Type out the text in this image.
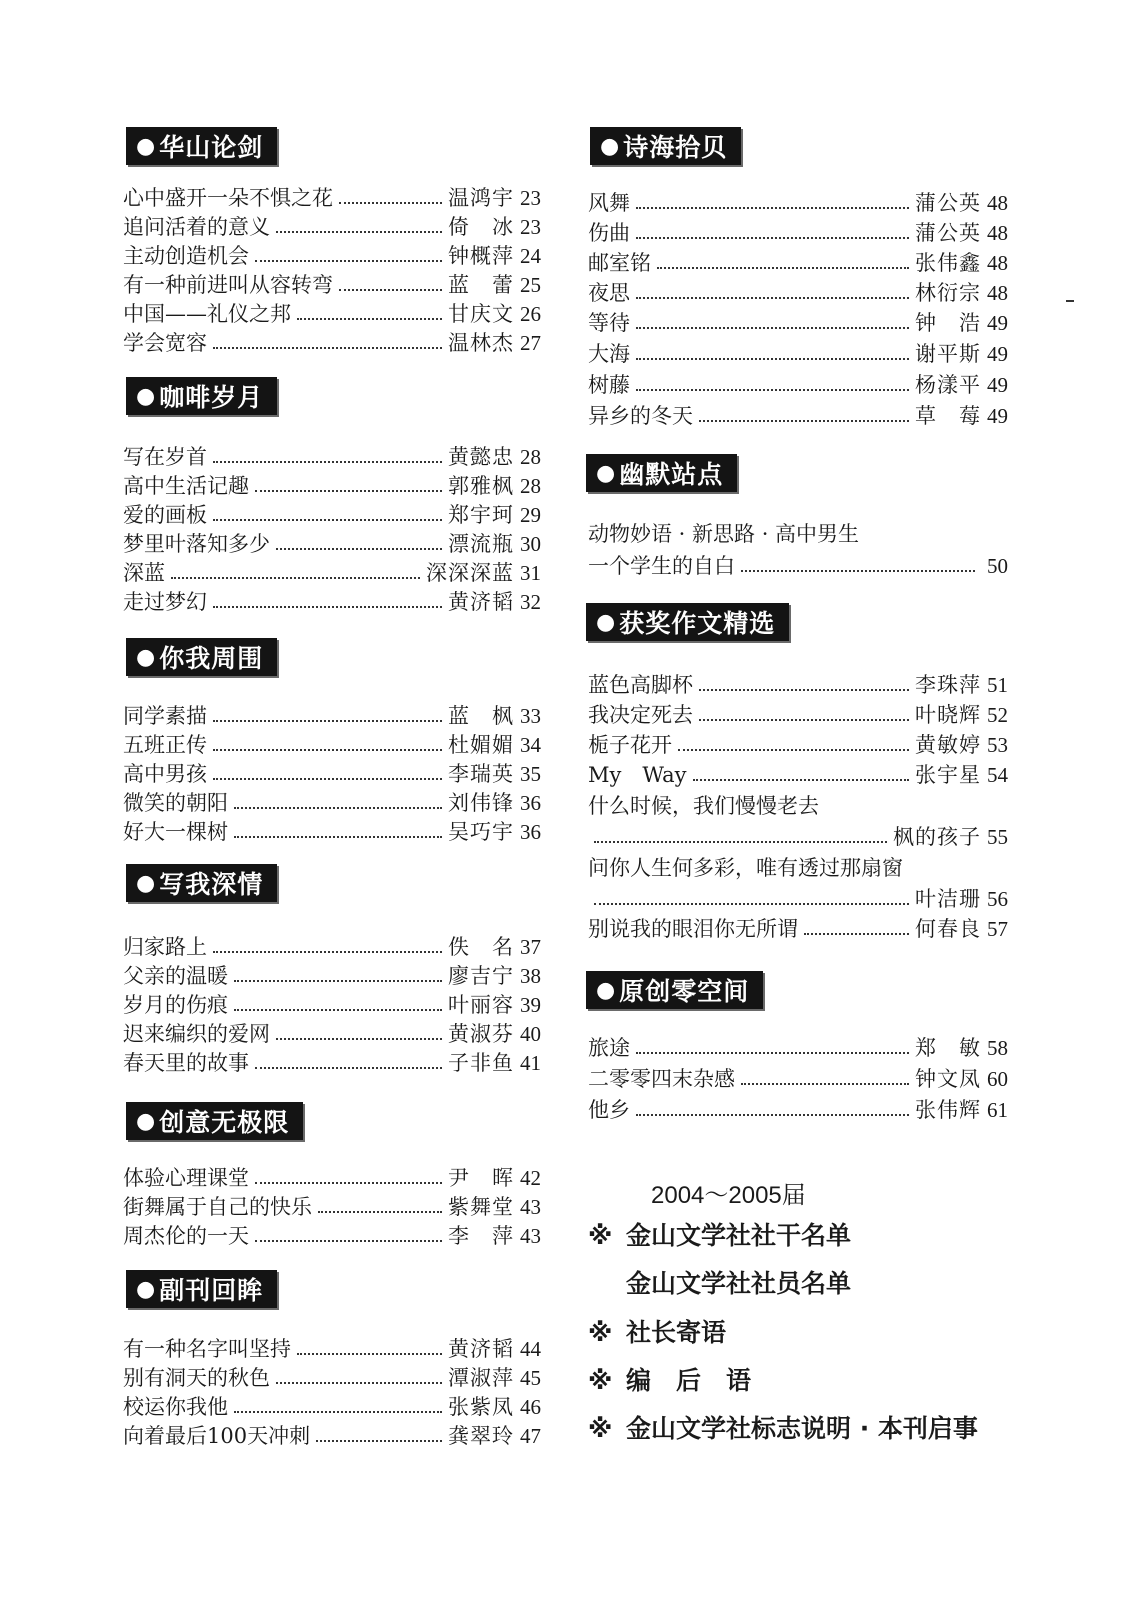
● 华山论剑
心中盛开一朵不惧之花	温鸿宇 23
追问活着的意义	倚　冰 23
主动创造机会	钟概萍 24
有一种前进叫从容转弯	蓝　蕾 25
中国——礼仪之邦	甘庆文 26
学会宽容	温林杰 27
● 咖啡岁月
写在岁首	黄懿忠 28
高中生活记趣	郭雅枫 28
爱的画板	郑宇珂 29
梦里叶落知多少	漂流瓶 30
深蓝	深深深蓝 31
走过梦幻	黄济韬 32
● 你我周围
同学素描	蓝　枫 33
五班正传	杜媚媚 34
高中男孩	李瑞英 35
微笑的朝阳	刘伟锋 36
好大一棵树	吴巧宇 36
● 写我深情
归家路上	佚　名 37
父亲的温暖	廖吉宁 38
岁月的伤痕	叶丽容 39
迟来编织的爱网	黄淑芬 40
春天里的故事	子非鱼 41
● 创意无极限
体验心理课堂	尹　晖 42
街舞属于自己的快乐	紫舞堂 43
周杰伦的一天	李　萍 43
● 副刊回眸
有一种名字叫坚持	黄济韬 44
别有洞天的秋色	潭淑萍 45
校运你我他	张紫凤 46
向着最后100天冲刺	龚翠玲 47
● 诗海拾贝
风舞	蒲公英 48
伤曲	蒲公英 48
邮室铭	张伟鑫 48
夜思	林衍宗 48
等待	钟　浩 49
大海	谢平斯 49
树藤	杨漾平 49
异乡的冬天	草　莓 49
● 幽默站点
动物妙语 · 新思路 · 高中男生
一个学生的自白	50
● 获奖作文精选
蓝色高脚杯	李珠萍 51
我决定死去	叶晓辉 52
栀子花开	黄敏婷 53
My　Way	张宇星 54
什么时候，我们慢慢老去
枫的孩子 55
问你人生何多彩，唯有透过那扇窗
叶洁珊 56
别说我的眼泪你无所谓	何春良 57
● 原创零空间
旅途	郑　敏 58
二零零四末杂感	钟文凤 60
他乡	张伟辉 61
2004～2005届
※ 金山文学社社干名单
金山文学社社员名单
※ 社长寄语
※ 编　后　语
※ 金山文学社标志说明 · 本刊启事
